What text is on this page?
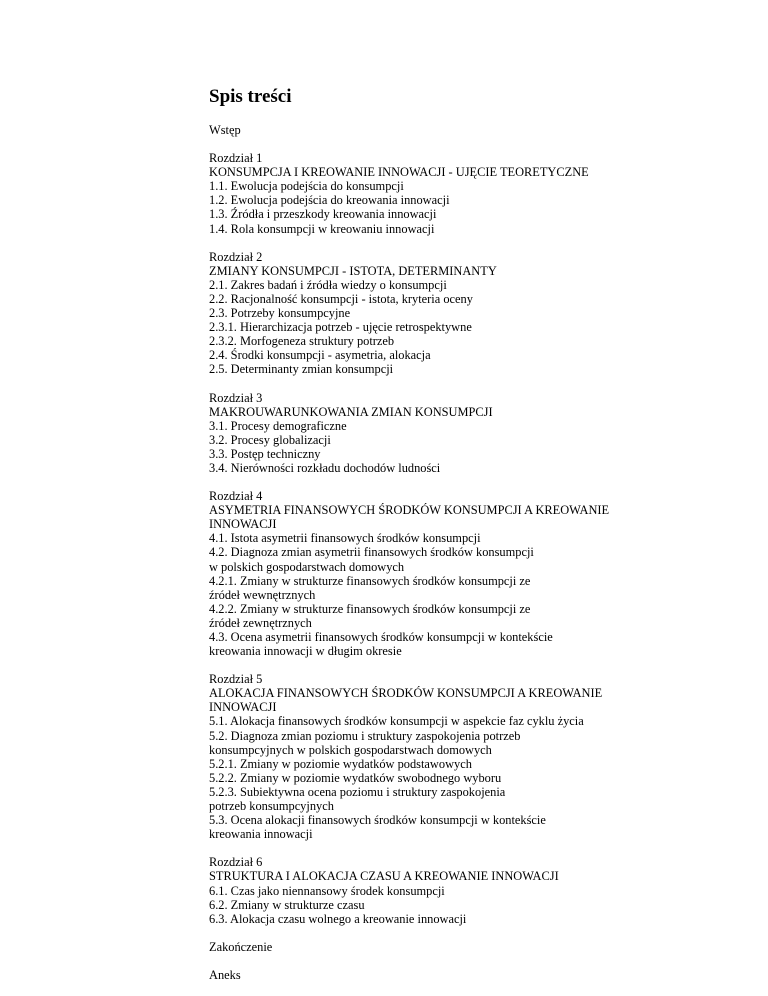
Spis treści
Wstęp
Rozdział 1
KONSUMPCJA I KREOWANIE INNOWACJI - UJĘCIE TEORETYCZNE
1.1. Ewolucja podejścia do konsumpcji
1.2. Ewolucja podejścia do kreowania innowacji
1.3. Źródła i przeszkody kreowania innowacji
1.4. Rola konsumpcji w kreowaniu innowacji
Rozdział 2
ZMIANY KONSUMPCJI - ISTOTA, DETERMINANTY
2.1. Zakres badań i źródła wiedzy o konsumpcji
2.2. Racjonalność konsumpcji - istota, kryteria oceny
2.3. Potrzeby konsumpcyjne
2.3.1. Hierarchizacja potrzeb - ujęcie retrospektywne
2.3.2. Morfogeneza struktury potrzeb
2.4. Środki konsumpcji - asymetria, alokacja
2.5. Determinanty zmian konsumpcji
Rozdział 3
MAKROUWARUNKOWANIA ZMIAN KONSUMPCJI
3.1. Procesy demograficzne
3.2. Procesy globalizacji
3.3. Postęp techniczny
3.4. Nierówności rozkładu dochodów ludności
Rozdział 4
ASYMETRIA FINANSOWYCH ŚRODKÓW KONSUMPCJI A KREOWANIE
INNOWACJI
4.1. Istota asymetrii finansowych środków konsumpcji
4.2. Diagnoza zmian asymetrii finansowych środków konsumpcji
w polskich gospodarstwach domowych
4.2.1. Zmiany w strukturze finansowych środków konsumpcji ze
źródeł wewnętrznych
4.2.2. Zmiany w strukturze finansowych środków konsumpcji ze
źródeł zewnętrznych
4.3. Ocena asymetrii finansowych środków konsumpcji w kontekście
kreowania innowacji w długim okresie
Rozdział 5
ALOKACJA FINANSOWYCH ŚRODKÓW KONSUMPCJI A KREOWANIE
INNOWACJI
5.1. Alokacja finansowych środków konsumpcji w aspekcie faz cyklu życia
5.2. Diagnoza zmian poziomu i struktury zaspokojenia potrzeb
konsumpcyjnych w polskich gospodarstwach domowych
5.2.1. Zmiany w poziomie wydatków podstawowych
5.2.2. Zmiany w poziomie wydatków swobodnego wyboru
5.2.3. Subiektywna ocena poziomu i struktury zaspokojenia
potrzeb konsumpcyjnych
5.3. Ocena alokacji finansowych środków konsumpcji w kontekście
kreowania innowacji
Rozdział 6
STRUKTURA I ALOKACJA CZASU A KREOWANIE INNOWACJI
6.1. Czas jako niennansowy środek konsumpcji
6.2. Zmiany w strukturze czasu
6.3. Alokacja czasu wolnego a kreowanie innowacji
Zakończenie
Aneks
